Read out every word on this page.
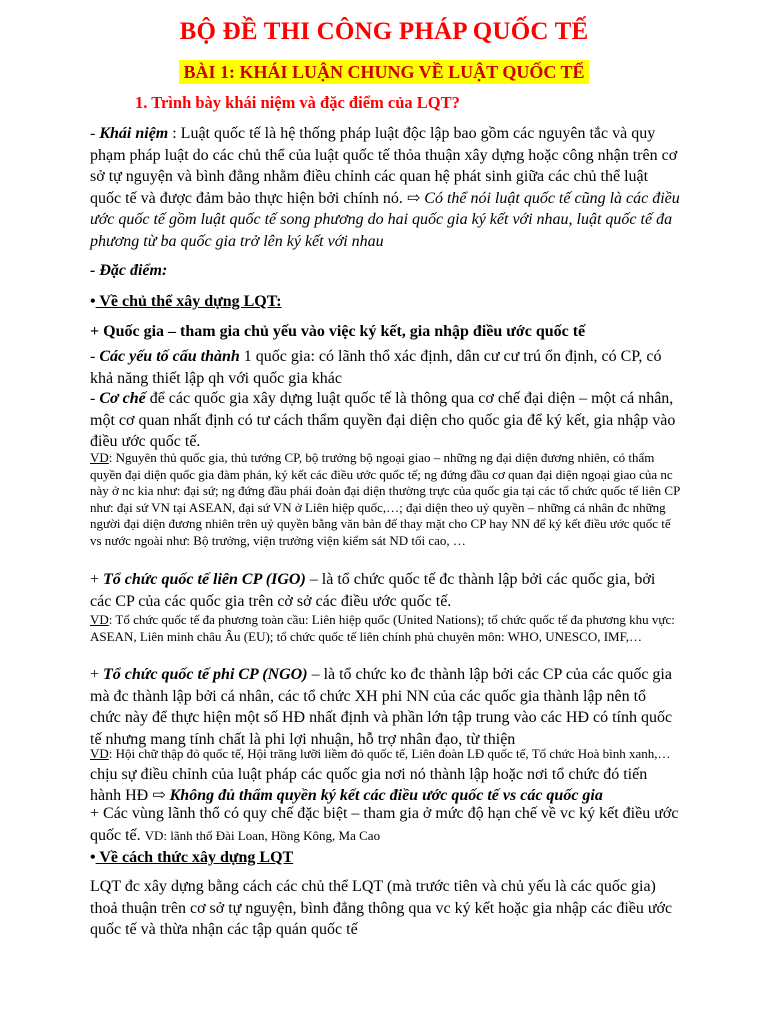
BỘ ĐỀ THI CÔNG PHÁP QUỐC TẾ
BÀI 1: KHÁI LUẬN CHUNG VỀ LUẬT QUỐC TẾ
1. Trình bày khái niệm và đặc điểm của LQT?

- Khái niệm : Luật quốc tế là hệ thống pháp luật độc lập bao gồm các nguyên tắc và quy phạm pháp luật do các chủ thể của luật quốc tế thỏa thuận xây dựng hoặc công nhận trên cơ sở tự nguyện và bình đẳng nhằm điều chỉnh các quan hệ phát sinh giữa các chủ thể luật quốc tế và được đảm bảo thực hiện bởi chính nó. ⇨ Có thể nói luật quốc tế cũng là các điều ước quốc tế gồm luật quốc tế song phương do hai quốc gia ký kết với nhau, luật quốc tế đa phương từ ba quốc gia trở lên ký kết với nhau

- Đặc điểm:

• Về chủ thể xây dựng LQT:

+ Quốc gia – tham gia chủ yếu vào việc ký kết, gia nhập điều ước quốc tế

- Các yếu tố cấu thành 1 quốc gia: có lãnh thổ xác định, dân cư cư trú ổn định, có CP, có khả năng thiết lập qh với quốc gia khác

- Cơ chế để các quốc gia xây dựng luật quốc tế là thông qua cơ chế đại diện – một cá nhân, một cơ quan nhất định có tư cách thẩm quyền đại diện cho quốc gia để ký kết, gia nhập vào điều ước quốc tế.

VD: Nguyên thủ quốc gia, thủ tướng CP, bộ trưởng bộ ngoại giao – những ng đại diện đương nhiên, có thẩm quyền đại diện quốc gia đàm phán, ký kết các điều ước quốc tế; ng đứng đầu cơ quan đại diện ngoại giao của nc này ở nc kia như: đại sứ; ng đứng đầu phái đoàn đại diện thường trực của quốc gia tại các tổ chức quốc tế liên CP như: đại sứ VN tại ASEAN, đại sứ VN ở Liên hiệp quốc,…; đại diện theo uỷ quyền – những cá nhân đc những người đại diện đương nhiên trên uỷ quyền bằng văn bản để thay mặt cho CP hay NN để ký kết điều ước quốc tế vs nước ngoài như: Bộ trưởng, viện trưởng viện kiểm sát ND tối cao, …

+ Tổ chức quốc tế liên CP (IGO) – là tổ chức quốc tế đc thành lập bởi các quốc gia, bởi các CP của các quốc gia trên cở sở các điều ước quốc tế.

VD: Tổ chức quốc tế đa phương toàn cầu: Liên hiệp quốc (United Nations); tổ chức quốc tế đa phương khu vực: ASEAN, Liên minh châu Âu (EU); tổ chức quốc tế liên chính phủ chuyên môn: WHO, UNESCO, IMF,…

+ Tổ chức quốc tế phi CP (NGO) – là tổ chức ko đc thành lập bởi các CP của các quốc gia mà đc thành lập bởi cá nhân, các tổ chức XH phi NN của các quốc gia thành lập nên tổ chức này để thực hiện một số HĐ nhất định và phần lớn tập trung vào các HĐ có tính quốc tế nhưng mang tính chất là phi lợi nhuận, hỗ trợ nhân đạo, từ thiện

VD: Hội chữ thập đỏ quốc tế, Hội trăng lưỡi liềm đỏ quốc tế, Liên đoàn LĐ quốc tế, Tổ chức Hoà bình xanh,… chịu sự điều chỉnh của luật pháp các quốc gia nơi nó thành lập hoặc nơi tổ chức đó tiến hành HĐ ⇨ Không đủ thẩm quyền ký kết các điều ước quốc tế vs các quốc gia

+ Các vùng lãnh thổ có quy chế đặc biệt – tham gia ở mức độ hạn chế về vc ký kết điều ước quốc tế. VD: lãnh thổ Đài Loan, Hồng Kông, Ma Cao

• Về cách thức xây dựng LQT

LQT đc xây dựng bằng cách các chủ thể LQT (mà trước tiên và chủ yếu là các quốc gia) thoả thuận trên cơ sở tự nguyện, bình đẳng thông qua vc ký kết hoặc gia nhập các điều ước quốc tế và thừa nhận các tập quán quốc tế
